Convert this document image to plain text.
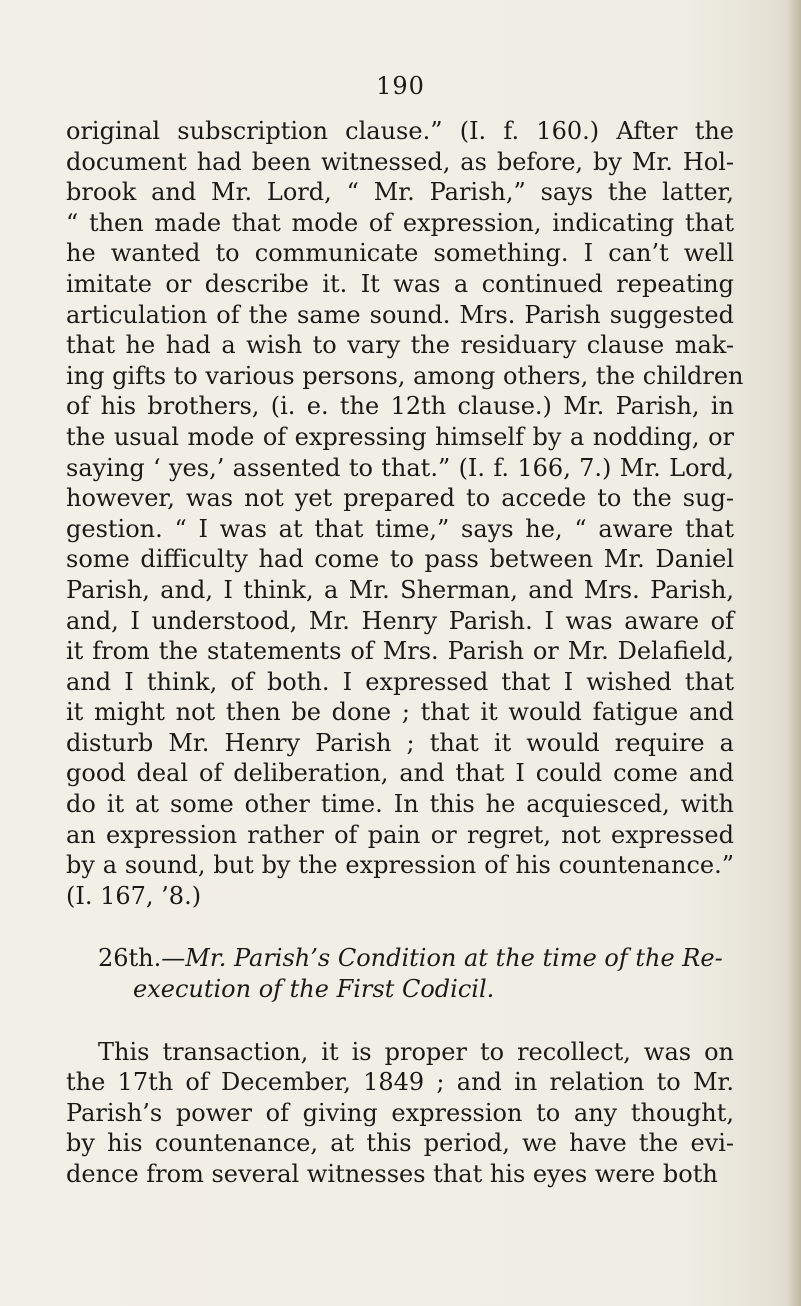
190
original subscription clause.” (I. f. 160.) After the
document had been witnessed, as before, by Mr. Hol-
brook and Mr. Lord, “ Mr. Parish,” says the latter,
“ then made that mode of expression, indicating that
he wanted to communicate something. I can’t well
imitate or describe it. It was a continued repeating
articulation of the same sound. Mrs. Parish suggested
that he had a wish to vary the residuary clause mak-
ing gifts to various persons, among others, the children
of his brothers, (i. e. the 12th clause.) Mr. Parish, in
the usual mode of expressing himself by a nodding, or
saying ‘ yes,’ assented to that.” (I. f. 166, 7.) Mr. Lord,
however, was not yet prepared to accede to the sug-
gestion. “ I was at that time,” says he, “ aware that
some difficulty had come to pass between Mr. Daniel
Parish, and, I think, a Mr. Sherman, and Mrs. Parish,
and, I understood, Mr. Henry Parish. I was aware of
it from the statements of Mrs. Parish or Mr. Delafield,
and I think, of both. I expressed that I wished that
it might not then be done ; that it would fatigue and
disturb Mr. Henry Parish ; that it would require a
good deal of deliberation, and that I could come and
do it at some other time. In this he acquiesced, with
an expression rather of pain or regret, not expressed
by a sound, but by the expression of his countenance.”
(I. 167, ’8.)
26th.—Mr. Parish’s Condition at the time of the Re-
execution of the First Codicil.
This transaction, it is proper to recollect, was on
the 17th of December, 1849 ; and in relation to Mr.
Parish’s power of giving expression to any thought,
by his countenance, at this period, we have the evi-
dence from several witnesses that his eyes were both
